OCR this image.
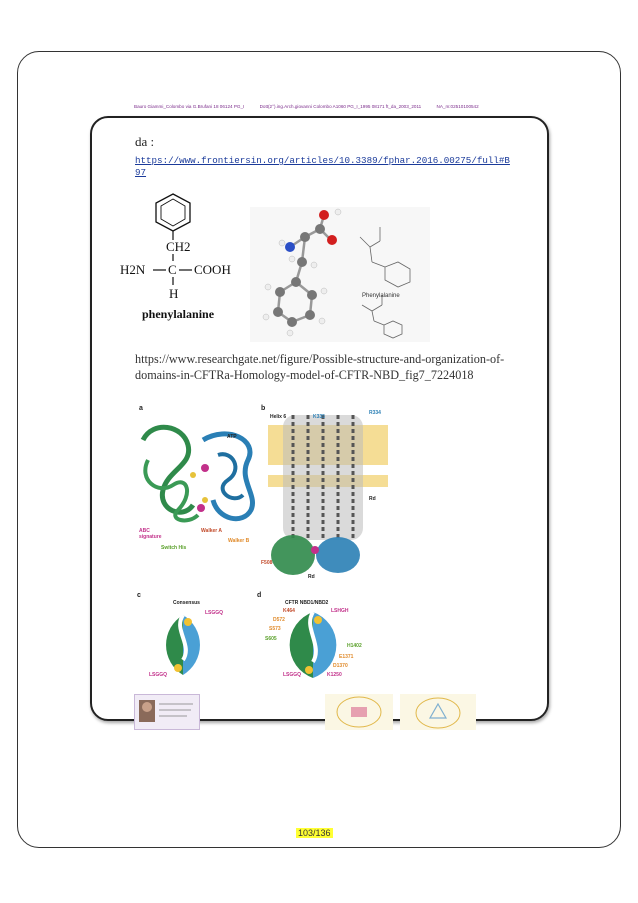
Bauro Giammi_Colombo via G.Brufani 18 06124 PG_I	Dott(2°).ing.Arch.giovanni Colombo A1060 PG_I_1995 08171 ft_da_2003_2011	NA_m:02510100542
da :
https://www.frontiersin.org/articles/10.3389/fphar.2016.00275/full#B97
CH2
H2N C COOH
H
phenylalanine
Phenylalanine
https://www.researchgate.net/figure/Possible-structure-and-organization-of-domains-in-CFTRa-Homology-model-of-CFTR-NBD_fig7_7224018
a	b
c	d
ATP
ABC
signature
Walker A
Walker B
Switch His
Helix 6	K335
R334
Rd
F508
Rd
Consensus
LSGGQ
LSGGQ
CFTR NBD1/NBD2
K464	LSHGH
D572
S573
S605
H1402
E1371
D1370
LSGGQ	K1250
103/136
